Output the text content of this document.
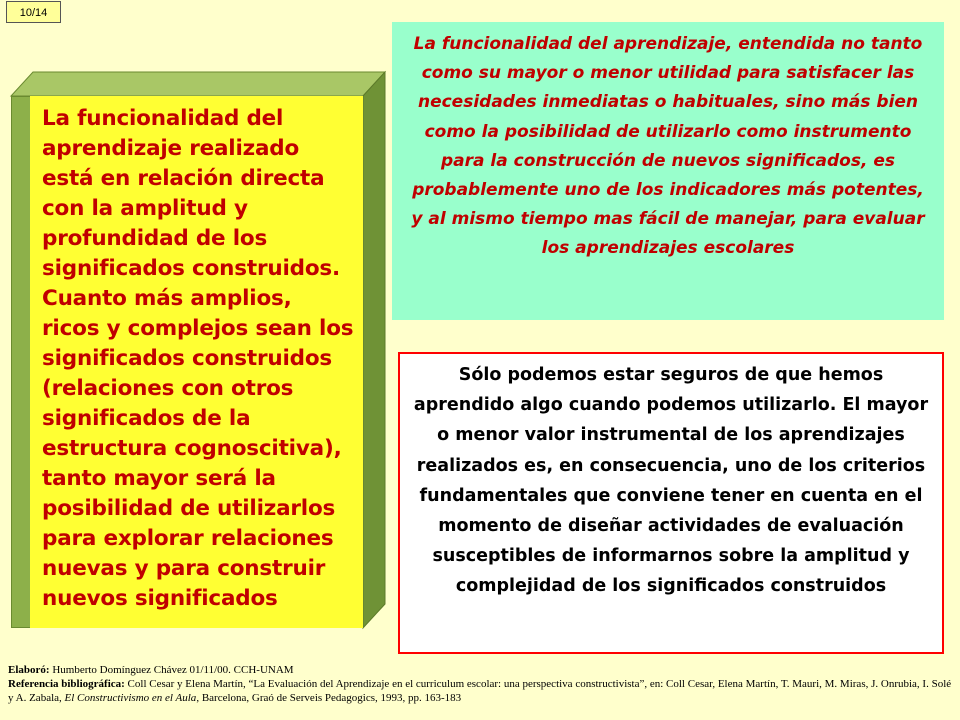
10/14

La funcionalidad del aprendizaje realizado está en relación directa con la amplitud y profundidad de los significados construidos. Cuanto más amplios, ricos y complejos sean los significados construidos (relaciones con otros significados de la estructura cognoscitiva), tanto mayor será la posibilidad de utilizarlos para explorar relaciones nuevas y para construir nuevos significados

La funcionalidad del aprendizaje, entendida no tanto como su mayor o menor utilidad para satisfacer las necesidades inmediatas o habituales, sino más bien como la posibilidad de utilizarlo como instrumento para la construcción de nuevos significados, es probablemente uno de los indicadores más potentes, y al mismo tiempo mas fácil de manejar, para evaluar los aprendizajes escolares

Sólo podemos estar seguros de que hemos aprendido algo cuando podemos utilizarlo. El mayor o menor valor instrumental de los aprendizajes realizados es, en consecuencia, uno de los criterios fundamentales que conviene tener en cuenta en el momento de diseñar actividades de evaluación susceptibles de informarnos sobre la amplitud y complejidad de los significados construidos

Elaboró: Humberto Domínguez Chávez 01/11/00. CCH-UNAM

Referencia bibliográfica: Coll Cesar y Elena Martín, “La Evaluación del Aprendizaje en el curriculum escolar: una perspectiva constructivista”, en: Coll Cesar, Elena Martín, T. Mauri, M. Miras, J. Onrubia, I. Solé y A. Zabala, El Constructivismo en el Aula, Barcelona, Graó de Serveis Pedagogics, 1993, pp. 163-183
